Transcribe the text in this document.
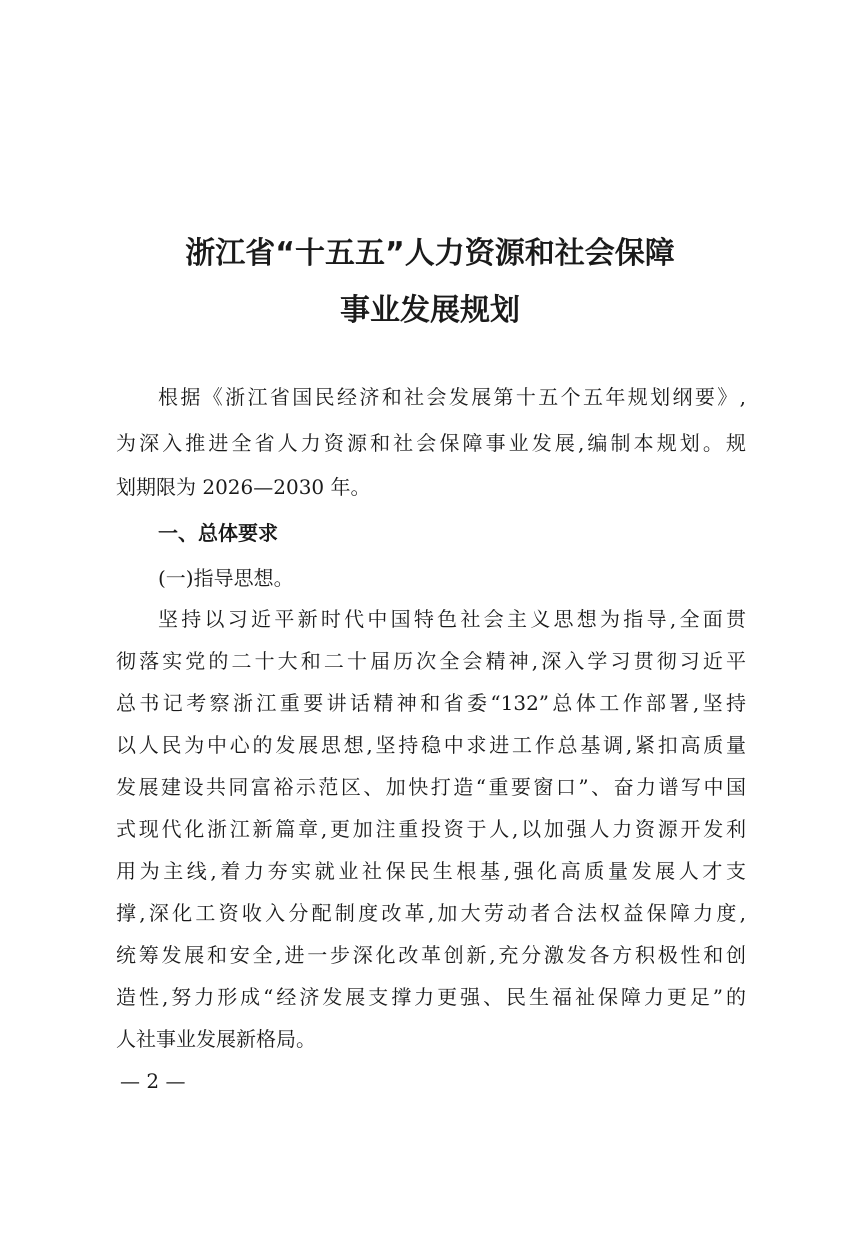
浙江省“十五五”人力资源和社会保障
事业发展规划
根据《浙江省国民经济和社会发展第十五个五年规划纲要》,
为深入推进全省人力资源和社会保障事业发展,编制本规划。规
划期限为 2026—2030 年。
一、总体要求
(一)指导思想。
坚持以习近平新时代中国特色社会主义思想为指导,全面贯
彻落实党的二十大和二十届历次全会精神,深入学习贯彻习近平
总书记考察浙江重要讲话精神和省委“132”总体工作部署,坚持
以人民为中心的发展思想,坚持稳中求进工作总基调,紧扣高质量
发展建设共同富裕示范区、加快打造“重要窗口”、奋力谱写中国
式现代化浙江新篇章,更加注重投资于人,以加强人力资源开发利
用为主线,着力夯实就业社保民生根基,强化高质量发展人才支
撑,深化工资收入分配制度改革,加大劳动者合法权益保障力度,
统筹发展和安全,进一步深化改革创新,充分激发各方积极性和创
造性,努力形成“经济发展支撑力更强、民生福祉保障力更足”的
人社事业发展新格局。
— 2 —
